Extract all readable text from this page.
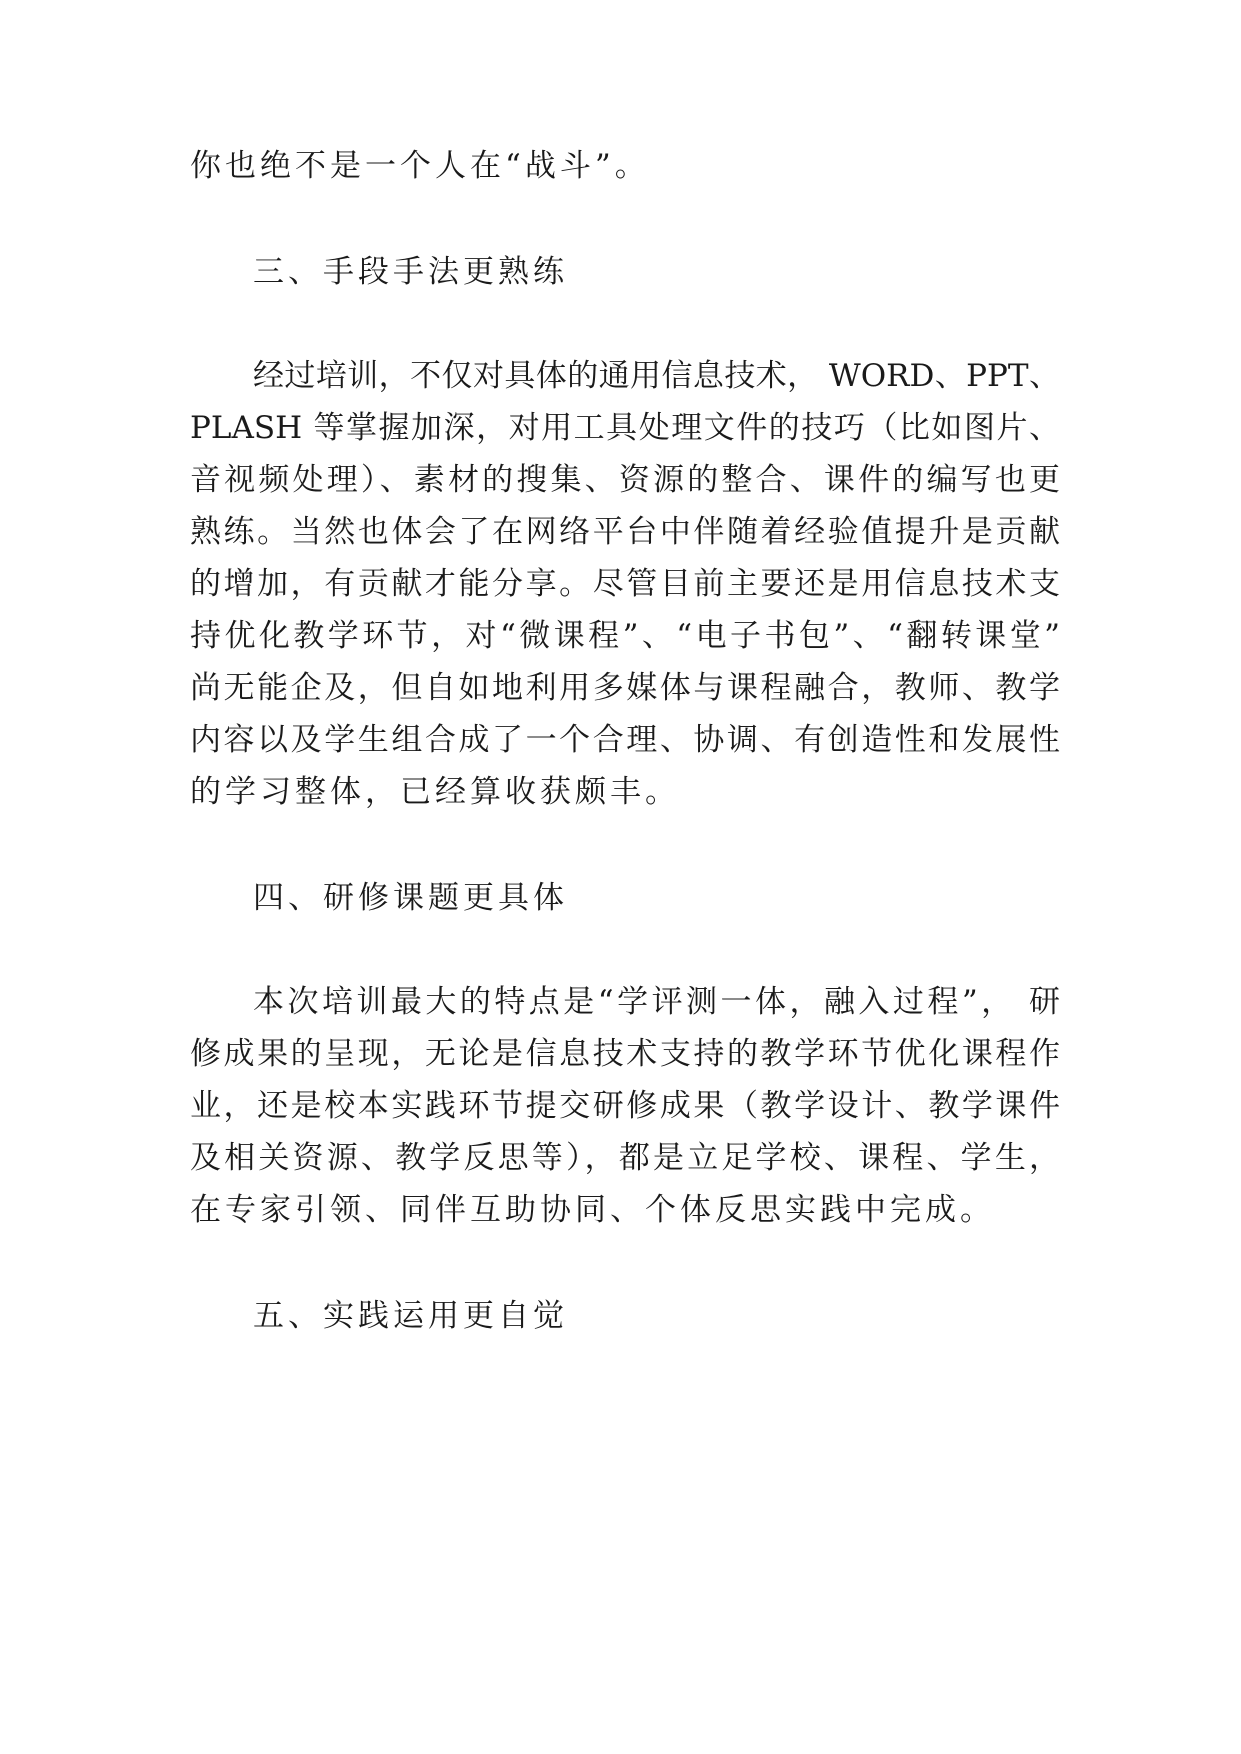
你也绝不是一个人在“战斗”。
三、手段手法更熟练
经过培训，不仅对具体的通用信息技术， WORD、PPT、
PLASH 等掌握加深，对用工具处理文件的技巧（比如图片、
音视频处理）、素材的搜集、资源的整合、课件的编写也更
熟练。当然也体会了在网络平台中伴随着经验值提升是贡献
的增加，有贡献才能分享。尽管目前主要还是用信息技术支
持优化教学环节，对“微课程”、“电子书包”、“翻转课堂”
尚无能企及，但自如地利用多媒体与课程融合，教师、教学
内容以及学生组合成了一个合理、协调、有创造性和发展性
的学习整体，已经算收获颇丰。
四、研修课题更具体
本次培训最大的特点是“学评测一体，融入过程”， 研
修成果的呈现，无论是信息技术支持的教学环节优化课程作
业，还是校本实践环节提交研修成果（教学设计、教学课件
及相关资源、教学反思等），都是立足学校、课程、学生，
在专家引领、同伴互助协同、个体反思实践中完成。
五、实践运用更自觉
